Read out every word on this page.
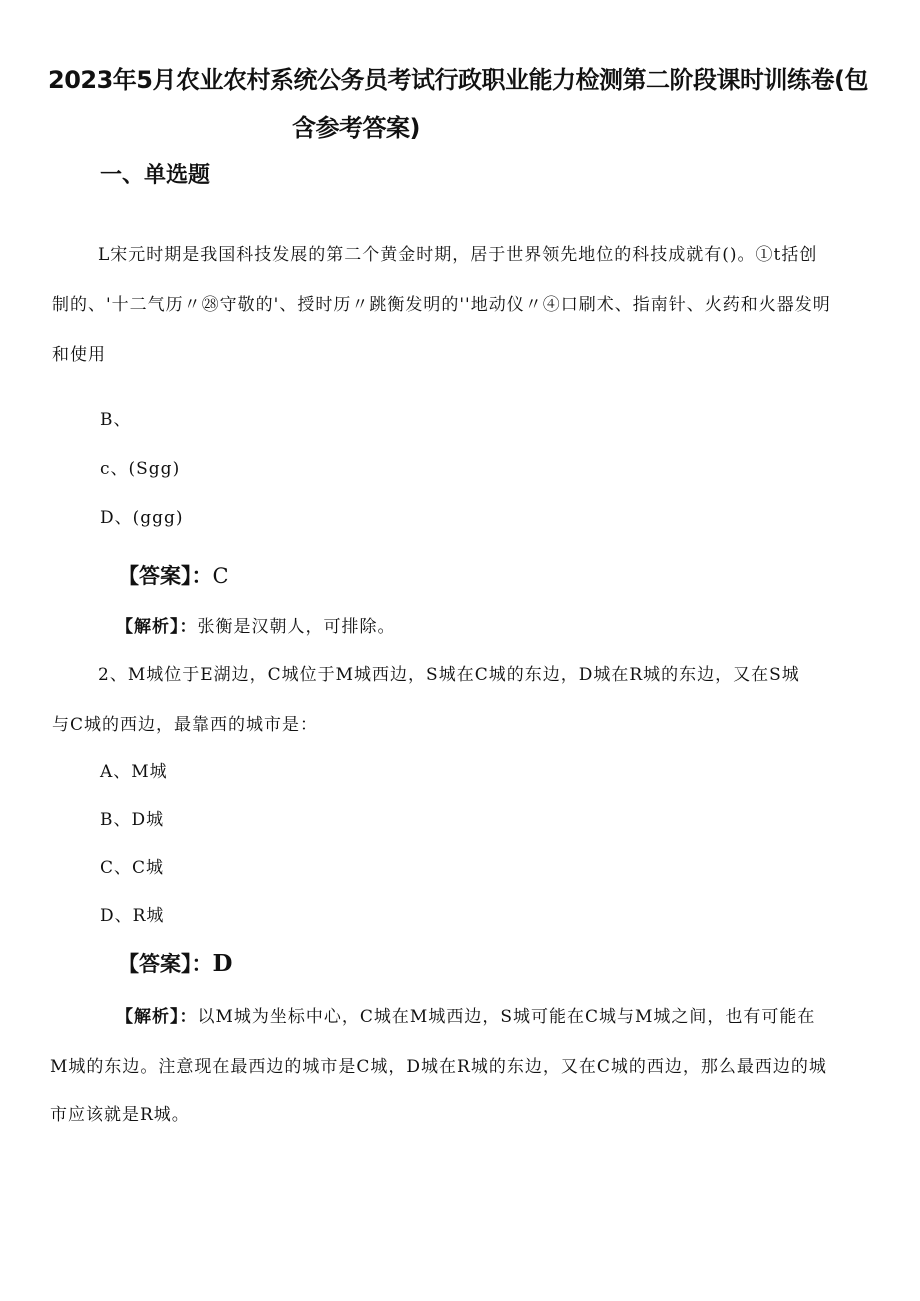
2023年5月农业农村系统公务员考试行政职业能力检测第二阶段课时训练卷(包
含参考答案)
一、单选题
L宋元时期是我国科技发展的第二个黄金时期，居于世界领先地位的科技成就有()。①t括创
制的、'十二气历〃㉘守敬的'、授时历〃跳衡发明的''地动仪〃④口刷术、指南针、火药和火器发明
和使用
B、
c、(Sgg)
D、(ggg)
【答案】：C
【解析】：张衡是汉朝人，可排除。
2、M城位于E湖边，C城位于M城西边，S城在C城的东边，D城在R城的东边，又在S城
与C城的西边，最靠西的城市是：
A、M城
B、D城
C、C城
D、R城
【答案】：D
【解析】：以M城为坐标中心，C城在M城西边，S城可能在C城与M城之间，也有可能在
M城的东边。注意现在最西边的城市是C城，D城在R城的东边，又在C城的西边，那么最西边的城
市应该就是R城。
